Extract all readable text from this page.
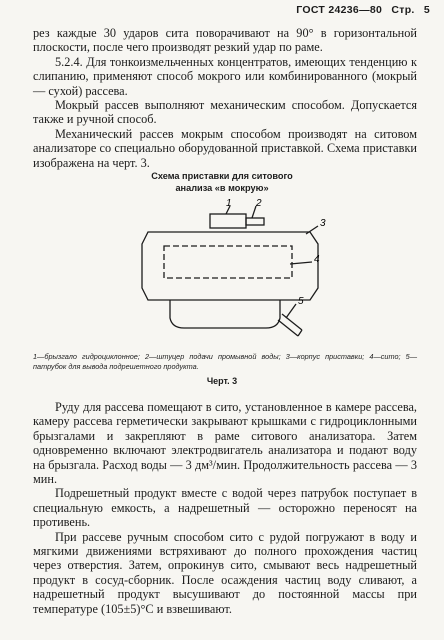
ГОСТ 24236—80 Стр. 5

рез каждые 30 ударов сита поворачивают на 90° в горизонтальной плоскости, после чего производят резкий удар по раме.

5.2.4. Для тонкоизмельченных концентратов, имеющих тенденцию к слипанию, применяют способ мокрого или комбинированного (мокрый — сухой) рассева.

Мокрый рассев выполняют механическим способом. Допускается также и ручной способ.

Механический рассев мокрым способом производят на ситовом анализаторе со специально оборудованной приставкой. Схема приставки изображена на черт. 3.

Схема приставки для ситового
анализа «в мокрую»
1 2
3
4
5
1—брызгало гидроциклонное; 2—штуцер подачи промывной воды; 3—корпус приставки; 4—сито; 5—патрубок для вывода подрешетного продукта.
Черт. 3

Руду для рассева помещают в сито, установленное в камере рассева, камеру рассева герметически закрывают крышками с гидроциклонными брызгалами и закрепляют в раме ситового анализатора. Затем одновременно включают электродвигатель анализатора и подают воду на брызгала. Расход воды — 3 дм³/мин. Продолжительность рассева — 3 мин.

Подрешетный продукт вместе с водой через патрубок поступает в специальную емкость, а надрешетный — осторожно переносят на противень.

При рассеве ручным способом сито с рудой погружают в воду и мягкими движениями встряхивают до полного прохождения частиц через отверстия. Затем, опрокинув сито, смывают весь надрешетный продукт в сосуд-сборник. После осаждения частиц воду сливают, а надрешетный продукт высушивают до постоянной массы при температуре (105±5)°С и взвешивают.
